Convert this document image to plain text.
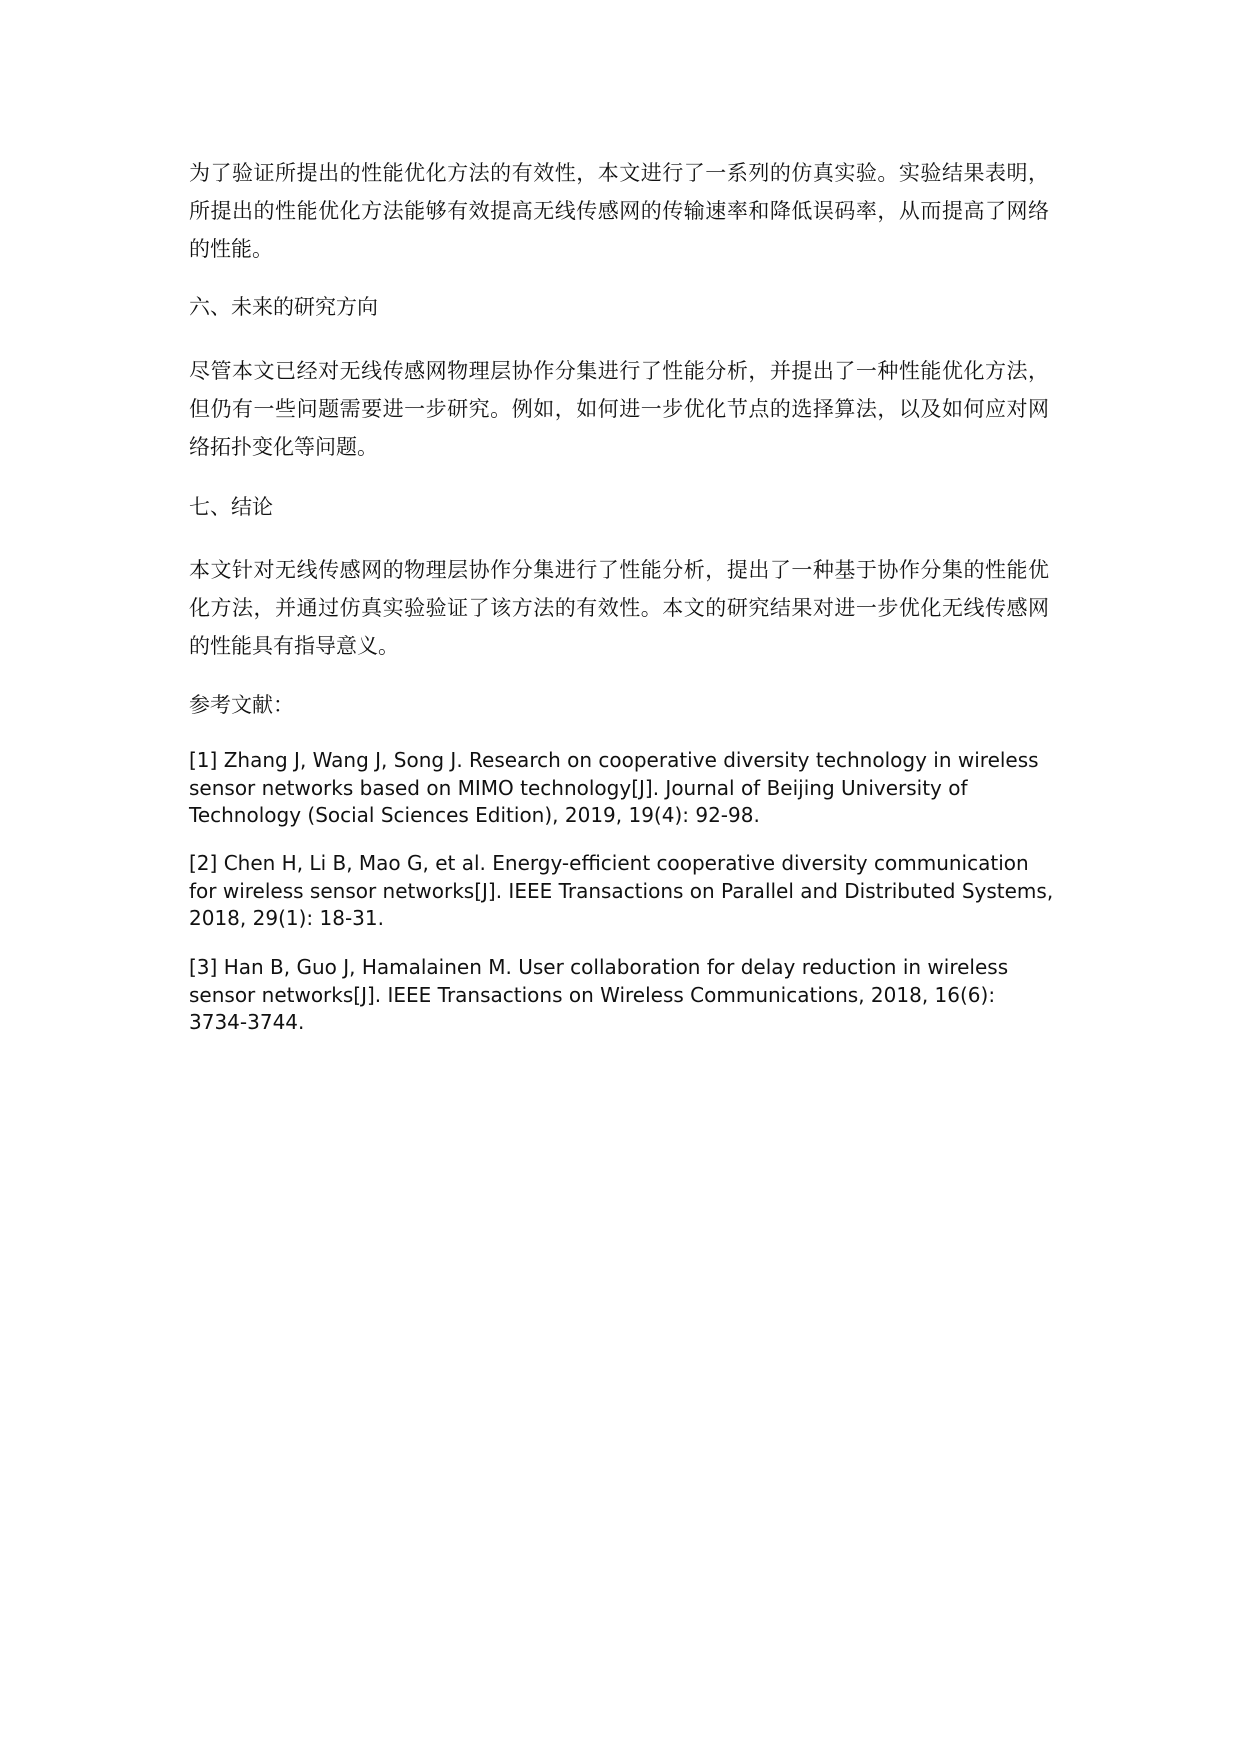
为了验证所提出的性能优化方法的有效性，本文进行了一系列的仿真实验。实验结果表明，所提出的性能优化方法能够有效提高无线传感网的传输速率和降低误码率，从而提高了网络的性能。

六、未来的研究方向

尽管本文已经对无线传感网物理层协作分集进行了性能分析，并提出了一种性能优化方法，但仍有一些问题需要进一步研究。例如，如何进一步优化节点的选择算法，以及如何应对网络拓扑变化等问题。

七、结论

本文针对无线传感网的物理层协作分集进行了性能分析，提出了一种基于协作分集的性能优化方法，并通过仿真实验验证了该方法的有效性。本文的研究结果对进一步优化无线传感网的性能具有指导意义。

参考文献：

[1] Zhang J, Wang J, Song J. Research on cooperative diversity technology in wireless sensor networks based on MIMO technology[J]. Journal of Beijing University of Technology (Social Sciences Edition), 2019, 19(4): 92-98.

[2] Chen H, Li B, Mao G, et al. Energy-efficient cooperative diversity communication for wireless sensor networks[J]. IEEE Transactions on Parallel and Distributed Systems, 2018, 29(1): 18-31.

[3] Han B, Guo J, Hamalainen M. User collaboration for delay reduction in wireless sensor networks[J]. IEEE Transactions on Wireless Communications, 2018, 16(6): 3734-3744.
